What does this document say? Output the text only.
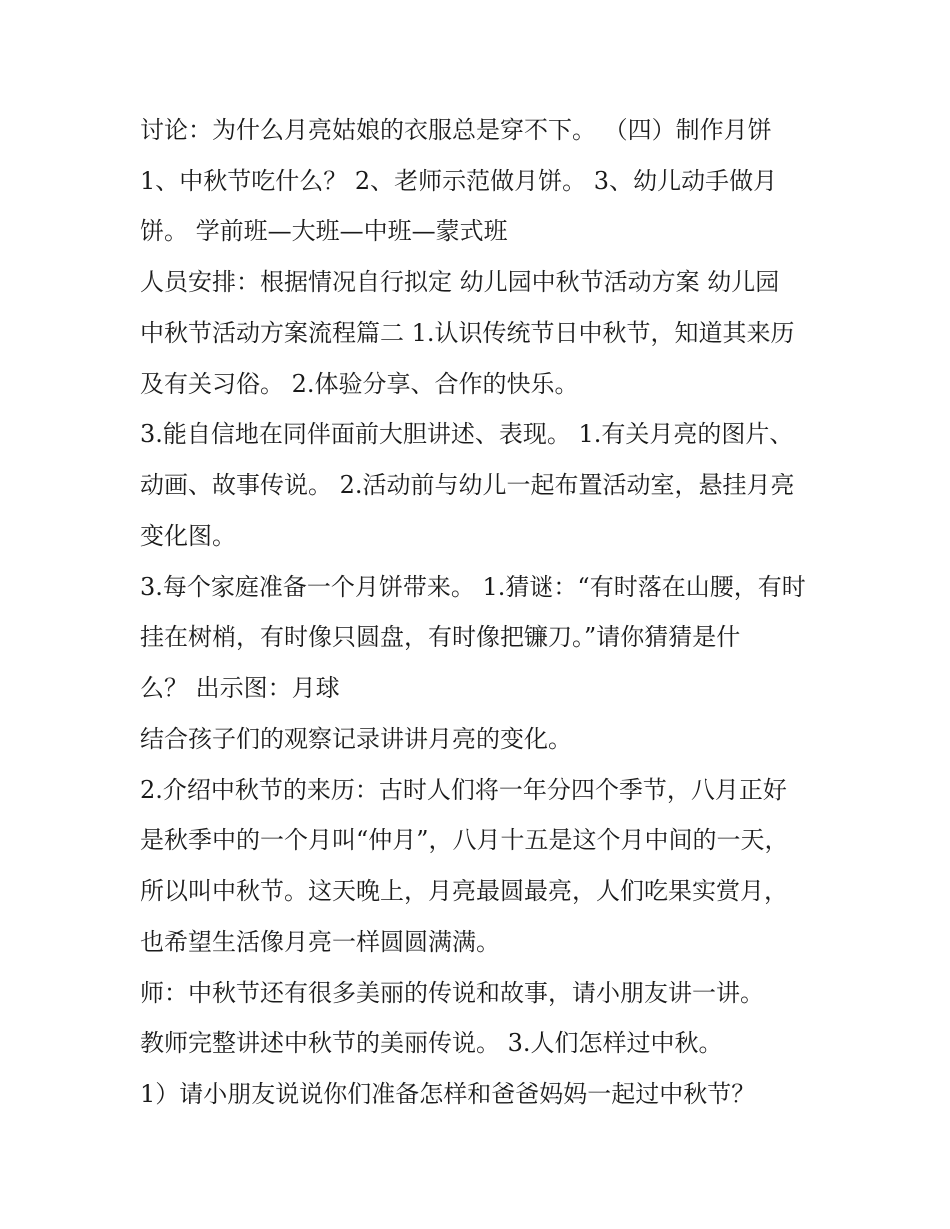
讨论：为什么月亮姑娘的衣服总是穿不下。 （四）制作月饼
1、中秋节吃什么？ 2、老师示范做月饼。 3、幼儿动手做月
饼。 学前班—大班—中班—蒙式班
人员安排：根据情况自行拟定 幼儿园中秋节活动方案 幼儿园
中秋节活动方案流程篇二 1.认识传统节日中秋节，知道其来历
及有关习俗。 2.体验分享、合作的快乐。
3.能自信地在同伴面前大胆讲述、表现。 1.有关月亮的图片、
动画、故事传说。 2.活动前与幼儿一起布置活动室，悬挂月亮
变化图。
3.每个家庭准备一个月饼带来。 1.猜谜：“有时落在山腰，有时
挂在树梢，有时像只圆盘，有时像把镰刀。”请你猜猜是什
么？ 出示图：月球
结合孩子们的观察记录讲讲月亮的变化。
2.介绍中秋节的来历：古时人们将一年分四个季节，八月正好
是秋季中的一个月叫“仲月”，八月十五是这个月中间的一天，
所以叫中秋节。这天晚上，月亮最圆最亮，人们吃果实赏月，
也希望生活像月亮一样圆圆满满。
师：中秋节还有很多美丽的传说和故事，请小朋友讲一讲。
教师完整讲述中秋节的美丽传说。 3.人们怎样过中秋。
1）请小朋友说说你们准备怎样和爸爸妈妈一起过中秋节？
